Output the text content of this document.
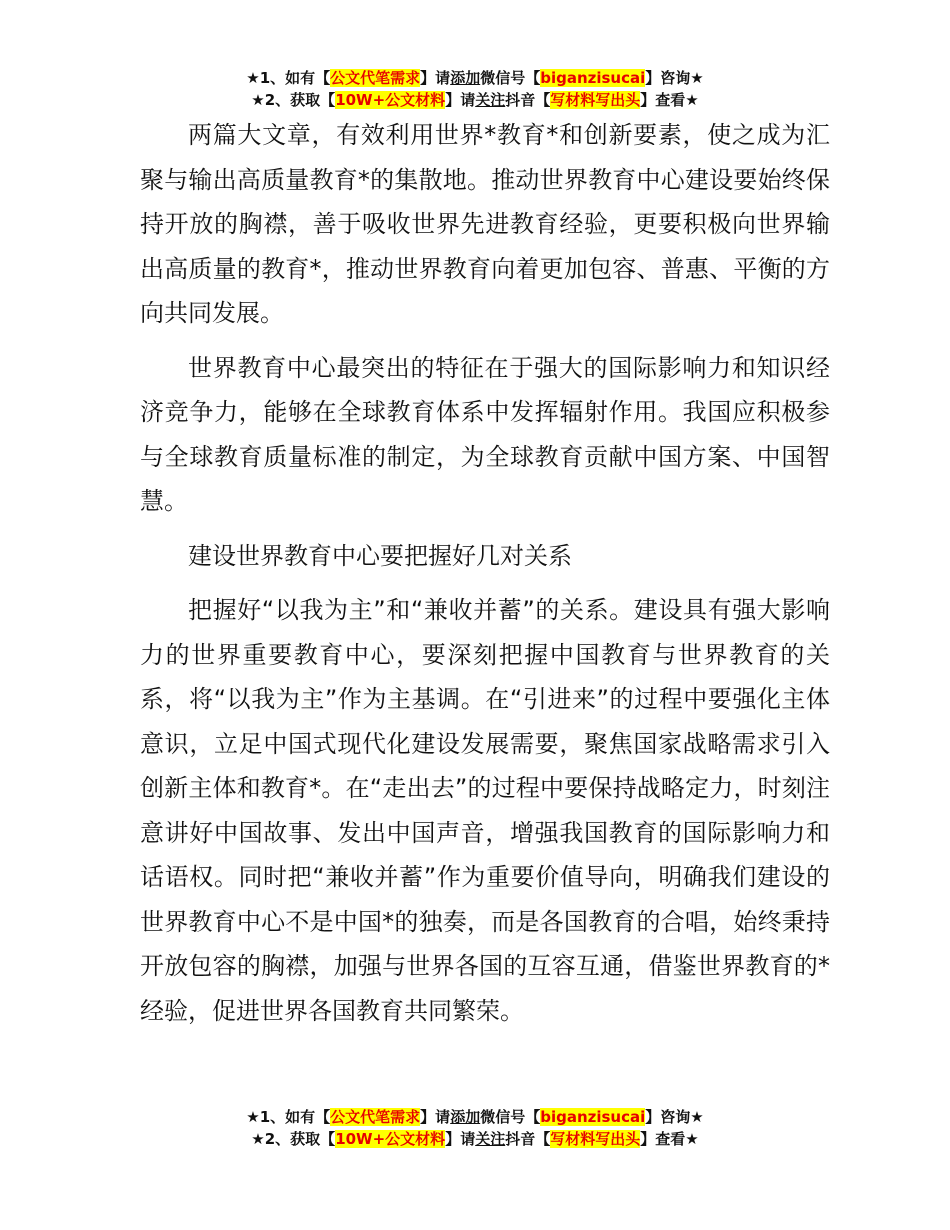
★1、如有【公文代笔需求】请添加微信号【biganzisucai】咨询★
★2、获取【10W+公文材料】请关注抖音【写材料写出头】查看★

两篇大文章，有效利用世界*教育*和创新要素，使之成为汇聚与输出高质量教育*的集散地。推动世界教育中心建设要始终保持开放的胸襟，善于吸收世界先进教育经验，更要积极向世界输出高质量的教育*，推动世界教育向着更加包容、普惠、平衡的方向共同发展。

世界教育中心最突出的特征在于强大的国际影响力和知识经济竞争力，能够在全球教育体系中发挥辐射作用。我国应积极参与全球教育质量标准的制定，为全球教育贡献中国方案、中国智慧。

建设世界教育中心要把握好几对关系

把握好“以我为主”和“兼收并蓄”的关系。建设具有强大影响力的世界重要教育中心，要深刻把握中国教育与世界教育的关系，将“以我为主”作为主基调。在“引进来”的过程中要强化主体意识，立足中国式现代化建设发展需要，聚焦国家战略需求引入创新主体和教育*。在“走出去”的过程中要保持战略定力，时刻注意讲好中国故事、发出中国声音，增强我国教育的国际影响力和话语权。同时把“兼收并蓄”作为重要价值导向，明确我们建设的世界教育中心不是中国*的独奏，而是各国教育的合唱，始终秉持开放包容的胸襟，加强与世界各国的互容互通，借鉴世界教育的*经验，促进世界各国教育共同繁荣。

★1、如有【公文代笔需求】请添加微信号【biganzisucai】咨询★
★2、获取【10W+公文材料】请关注抖音【写材料写出头】查看★
